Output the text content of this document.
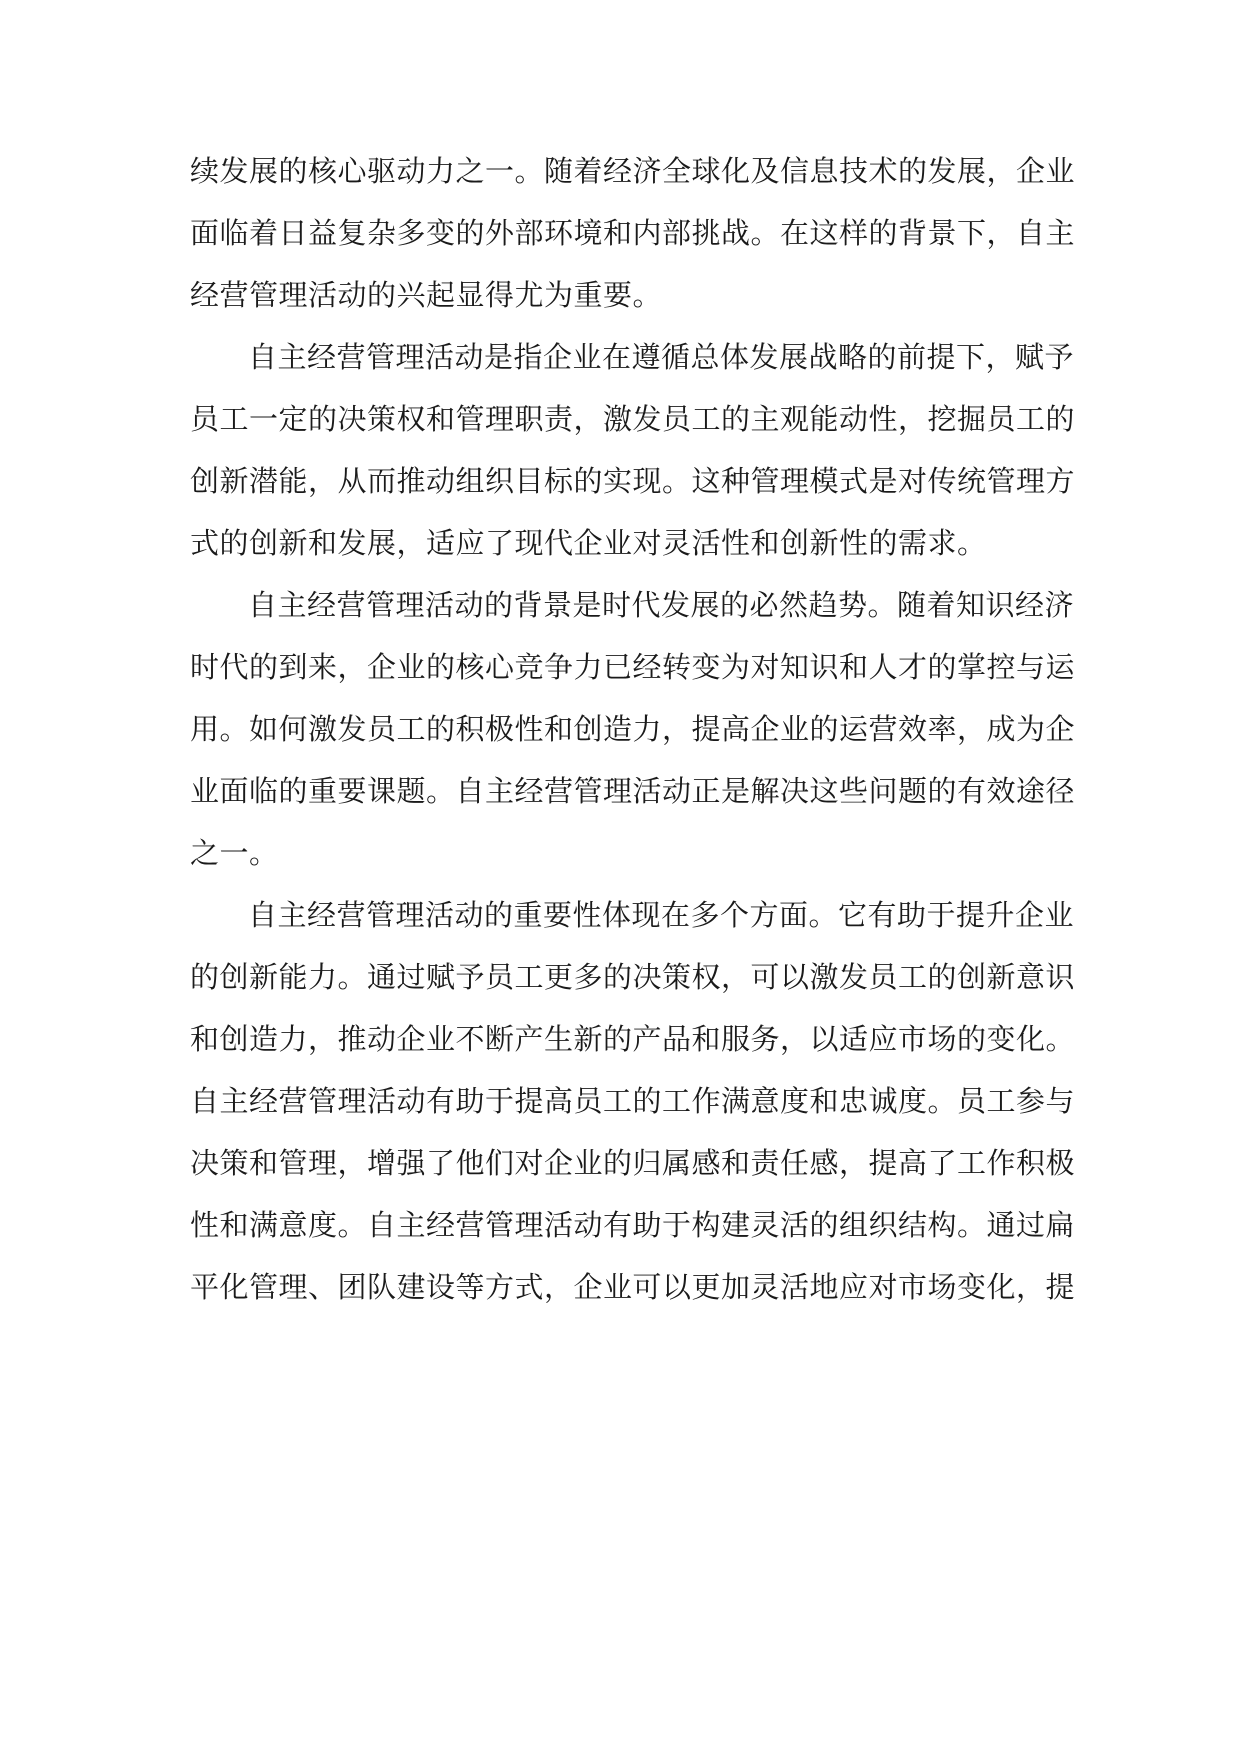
续发展的核心驱动力之一。随着经济全球化及信息技术的发展，企业
面临着日益复杂多变的外部环境和内部挑战。在这样的背景下，自主
经营管理活动的兴起显得尤为重要。
自主经营管理活动是指企业在遵循总体发展战略的前提下，赋予
员工一定的决策权和管理职责，激发员工的主观能动性，挖掘员工的
创新潜能，从而推动组织目标的实现。这种管理模式是对传统管理方
式的创新和发展，适应了现代企业对灵活性和创新性的需求。
自主经营管理活动的背景是时代发展的必然趋势。随着知识经济
时代的到来，企业的核心竞争力已经转变为对知识和人才的掌控与运
用。如何激发员工的积极性和创造力，提高企业的运营效率，成为企
业面临的重要课题。自主经营管理活动正是解决这些问题的有效途径
之一。
自主经营管理活动的重要性体现在多个方面。它有助于提升企业
的创新能力。通过赋予员工更多的决策权，可以激发员工的创新意识
和创造力，推动企业不断产生新的产品和服务，以适应市场的变化。
自主经营管理活动有助于提高员工的工作满意度和忠诚度。员工参与
决策和管理，增强了他们对企业的归属感和责任感，提高了工作积极
性和满意度。自主经营管理活动有助于构建灵活的组织结构。通过扁
平化管理、团队建设等方式，企业可以更加灵活地应对市场变化，提
